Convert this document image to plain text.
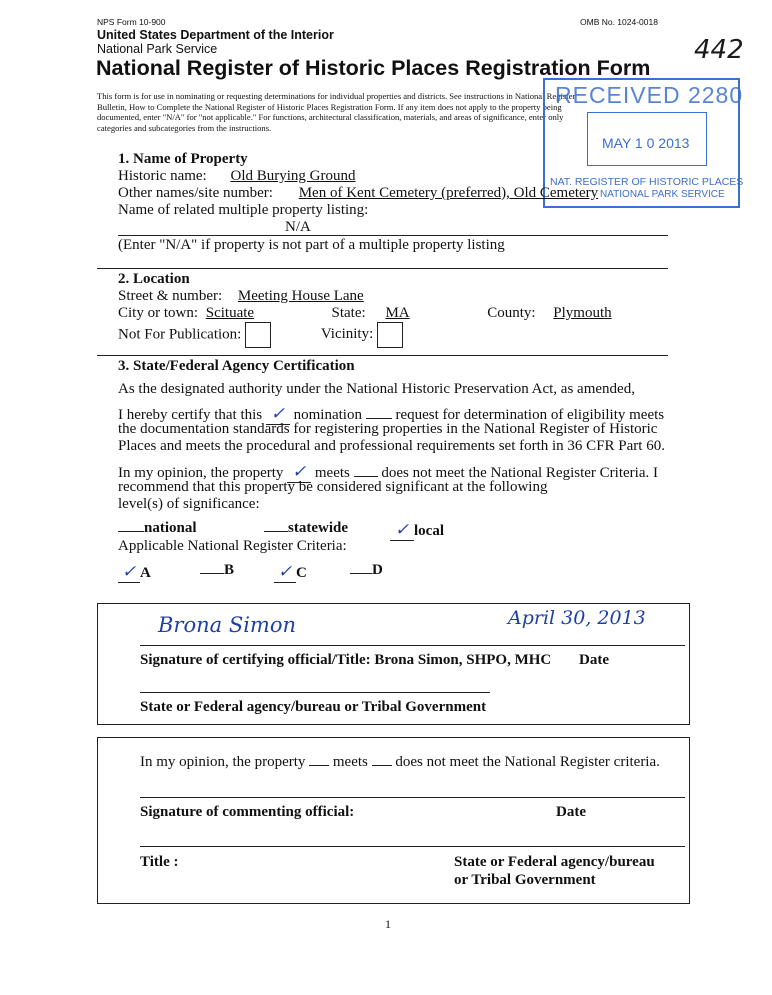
NPS Form 10-900	OMB No. 1024-0018
United States Department of the Interior
National Park Service
National Register of Historic Places Registration Form
442
This form is for use in nominating or requesting determinations for individual properties and districts. See instructions in National Register
Bulletin, How to Complete the National Register of Historic Places Registration Form. If any item does not apply to the property being
documented, enter "N/A" for "not applicable." For functions, architectural classification, materials, and areas of significance, enter only
categories and subcategories from the instructions.
RECEIVED 2280
MAY 1 0 2013
NAT. REGISTER OF HISTORIC PLACES
NATIONAL PARK SERVICE
1. Name of Property
Historic name: Old Burying Ground
Other names/site number: Men of Kent Cemetery (preferred), Old Cemetery
Name of related multiple property listing:
N/A
(Enter "N/A" if property is not part of a multiple property listing
2. Location
Street & number: Meeting House Lane
City or town: Scituate	State: MA	County: Plymouth
Not For Publication:	Vicinity:
3. State/Federal Agency Certification
As the designated authority under the National Historic Preservation Act, as amended,
I hereby certify that this ✓ nomination request for determination of eligibility meets
the documentation standards for registering properties in the National Register of Historic
Places and meets the procedural and professional requirements set forth in 36 CFR Part 60.
In my opinion, the property ✓ meets does not meet the National Register Criteria. I
recommend that this property be considered significant at the following
level(s) of significance:
national	statewide	✓ local
Applicable National Register Criteria:
✓ A	B	✓ C	D
Brona Simon	April 30, 2013
Signature of certifying official/Title: Brona Simon, SHPO, MHC Date
State or Federal agency/bureau or Tribal Government
In my opinion, the property meets does not meet the National Register criteria.
Signature of commenting official:	Date
Title :	State or Federal agency/bureau
or Tribal Government
1
